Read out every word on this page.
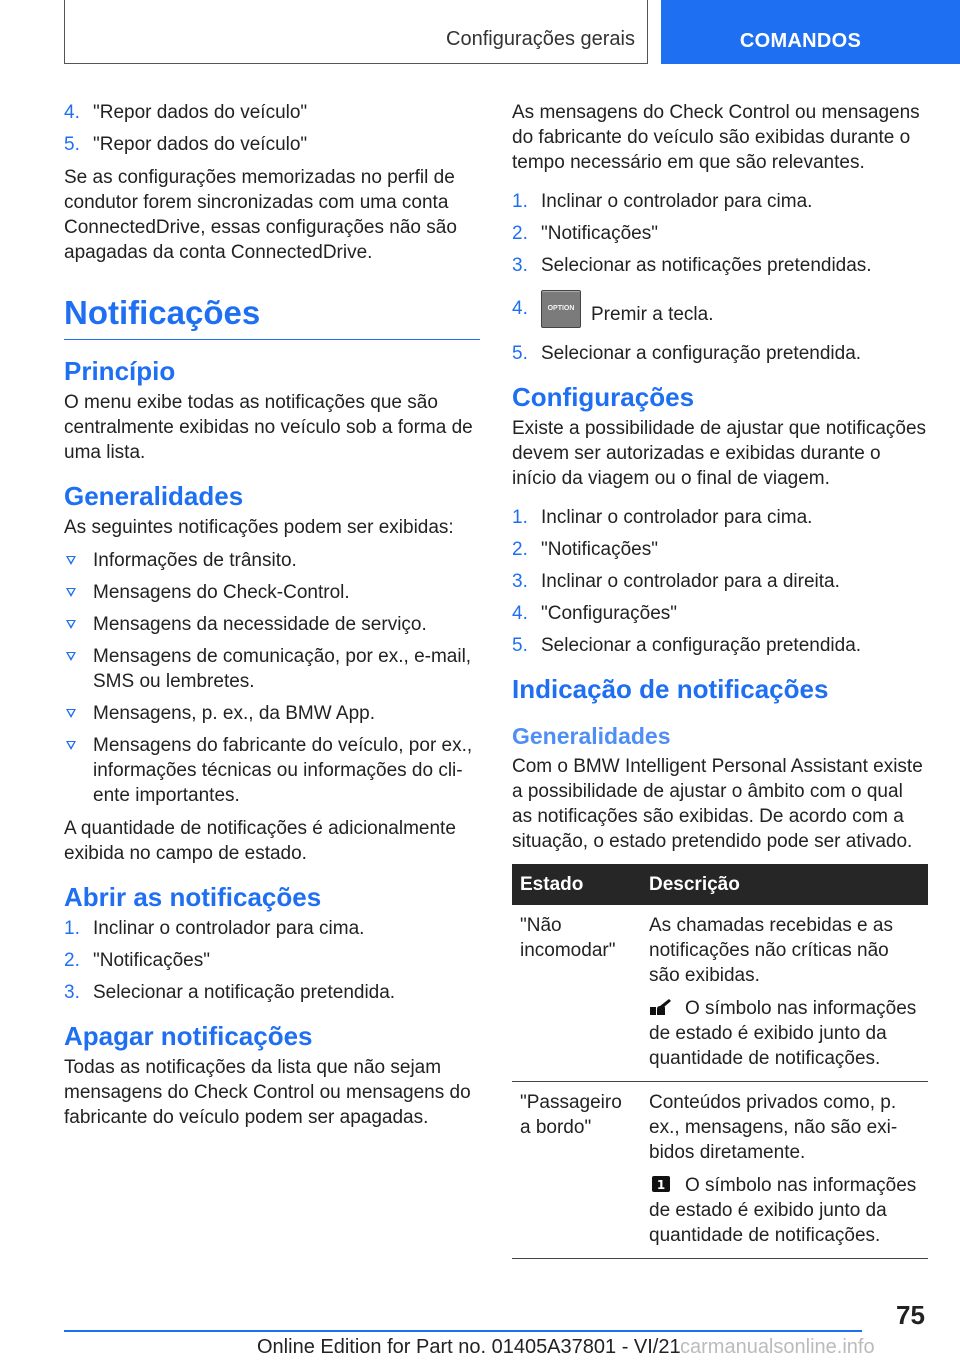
Configurações gerais	COMANDOS
4. "Repor dados do veículo"
5. "Repor dados do veículo"

Se as configurações memorizadas no perfil de condutor forem sincronizadas com uma conta ConnectedDrive, essas configurações não são apagadas da conta ConnectedDrive.

Notificações
Princípio

O menu exibe todas as notificações que são centralmente exibidas no veículo sob a forma de uma lista.

Generalidades

As seguintes notificações podem ser exibidas:

Informações de trânsito.
Mensagens do Check-Control.
Mensagens da necessidade de serviço.
Mensagens de comunicação, por ex., e-mail, SMS ou lembretes.
Mensagens, p. ex., da BMW App.
Mensagens do fabricante do veículo, por ex., informações técnicas ou informações do cliente importantes.

A quantidade de notificações é adicionalmente exibida no campo de estado.

Abrir as notificações
1. Inclinar o controlador para cima.
2. "Notificações"
3. Selecionar a notificação pretendida.
Apagar notificações

Todas as notificações da lista que não sejam mensagens do Check Control ou mensagens do fabricante do veículo podem ser apagadas.

As mensagens do Check Control ou mensagens do fabricante do veículo são exibidas durante o tempo necessário em que são relevantes.

1. Inclinar o controlador para cima.
2. "Notificações"
3. Selecionar as notificações pretendidas.
4.	OPTION Premir a tecla.
5. Selecionar a configuração pretendida.
Configurações

Existe a possibilidade de ajustar que notificações devem ser autorizadas e exibidas durante o início da viagem ou o final de viagem.

1. Inclinar o controlador para cima.
2. "Notificações"
3. Inclinar o controlador para a direita.
4. "Configurações"
5. Selecionar a configuração pretendida.
Indicação de notificações
Generalidades

Com o BMW Intelligent Personal Assistant existe a possibilidade de ajustar o âmbito com o qual as notificações são exibidas. De acordo com a situação, o estado pretendido pode ser ativado.

Estado	Descrição
"Não incomodar"	As chamadas recebidas e as notificações não críticas não são exibidas.

O símbolo nas informações de estado é exibido junto da quantidade de notificações.

"Passageiro a bordo"	Conteúdos privados como, p. ex., mensagens, não são exibidos diretamente.

1 O símbolo nas informações de estado é exibido junto da quantidade de notificações.

75
Online Edition for Part no. 01405A37801 - VI/21 carmanualsonline.info
